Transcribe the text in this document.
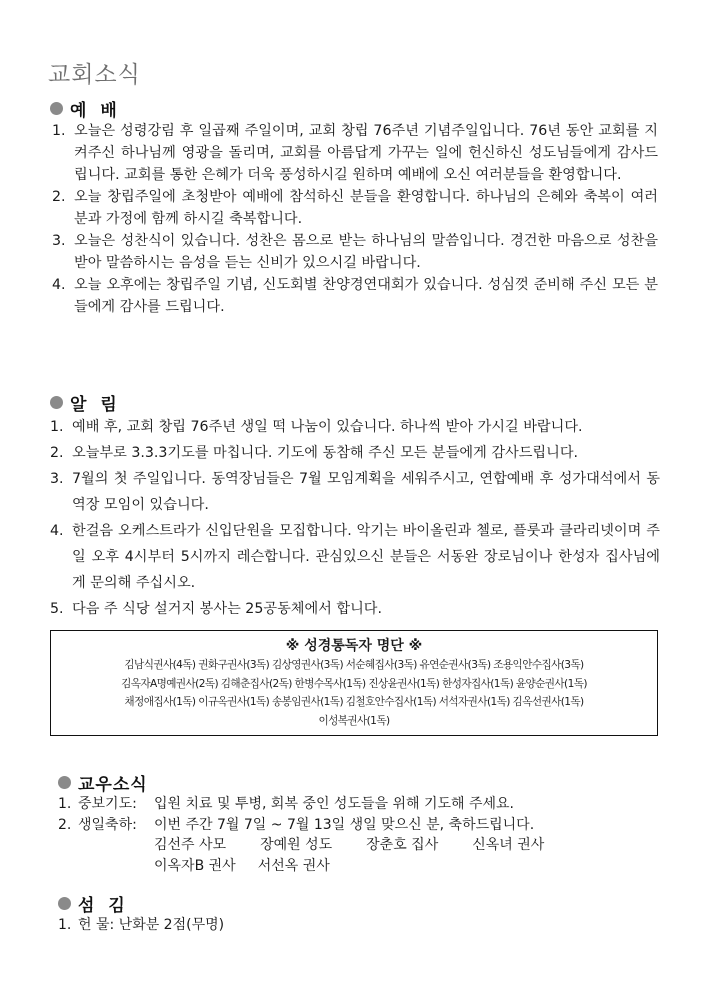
교회소식
예 배
1. 오늘은 성령강림 후 일곱째 주일이며, 교회 창립 76주년 기념주일입니다. 76년 동안 교회를 지켜주신 하나님께 영광을 돌리며, 교회를 아름답게 가꾸는 일에 헌신하신 성도님들에게 감사드립니다. 교회를 통한 은혜가 더욱 풍성하시길 원하며 예배에 오신 여러분들을 환영합니다.
2. 오늘 창립주일에 초청받아 예배에 참석하신 분들을 환영합니다. 하나님의 은혜와 축복이 여러분과 가정에 함께 하시길 축복합니다.
3. 오늘은 성찬식이 있습니다. 성찬은 몸으로 받는 하나님의 말씀입니다. 경건한 마음으로 성찬을 받아 말씀하시는 음성을 듣는 신비가 있으시길 바랍니다.
4. 오늘 오후에는 창립주일 기념, 신도회별 찬양경연대회가 있습니다. 성심껏 준비해 주신 모든 분들에게 감사를 드립니다.
알 림
1. 예배 후, 교회 창립 76주년 생일 떡 나눔이 있습니다. 하나씩 받아 가시길 바랍니다.
2. 오늘부로 3.3.3기도를 마칩니다. 기도에 동참해 주신 모든 분들에게 감사드립니다.
3. 7월의 첫 주일입니다. 동역장님들은 7월 모임계획을 세워주시고, 연합예배 후 성가대석에서 동역장 모임이 있습니다.
4. 한걸음 오케스트라가 신입단원을 모집합니다. 악기는 바이올린과 첼로, 플룻과 클라리넷이며 주일 오후 4시부터 5시까지 레슨합니다. 관심있으신 분들은 서동완 장로님이나 한성자 집사님에게 문의해 주십시오.
5. 다음 주 식당 설거지 봉사는 25공동체에서 합니다.
※ 성경통독자 명단 ※
김남식권사(4독) 권화구권사(3독) 김상영권사(3독) 서순혜집사(3독) 유연순권사(3독) 조용익안수집사(3독)
김옥자A명예권사(2독) 김해춘집사(2독) 한병수목사(1독) 진상윤권사(1독) 한성자집사(1독) 윤양순권사(1독)
채정애집사(1독) 이규옥권사(1독) 송봉임권사(1독) 김철호안수집사(1독) 서석자권사(1독) 김옥선권사(1독)
이성복권사(1독)
교우소식
1. 중보기도:	입원 치료 및 투병, 회복 중인 성도들을 위해 기도해 주세요.
2. 생일축하:	이번 주간 7월 7일 ~ 7월 13일 생일 맞으신 분, 축하드립니다.
김선주 사모 장예원 성도 장춘호 집사 신옥녀 권사
이옥자B 권사 서선옥 권사
섬 김
1. 헌 물: 난화분 2점(무명)
